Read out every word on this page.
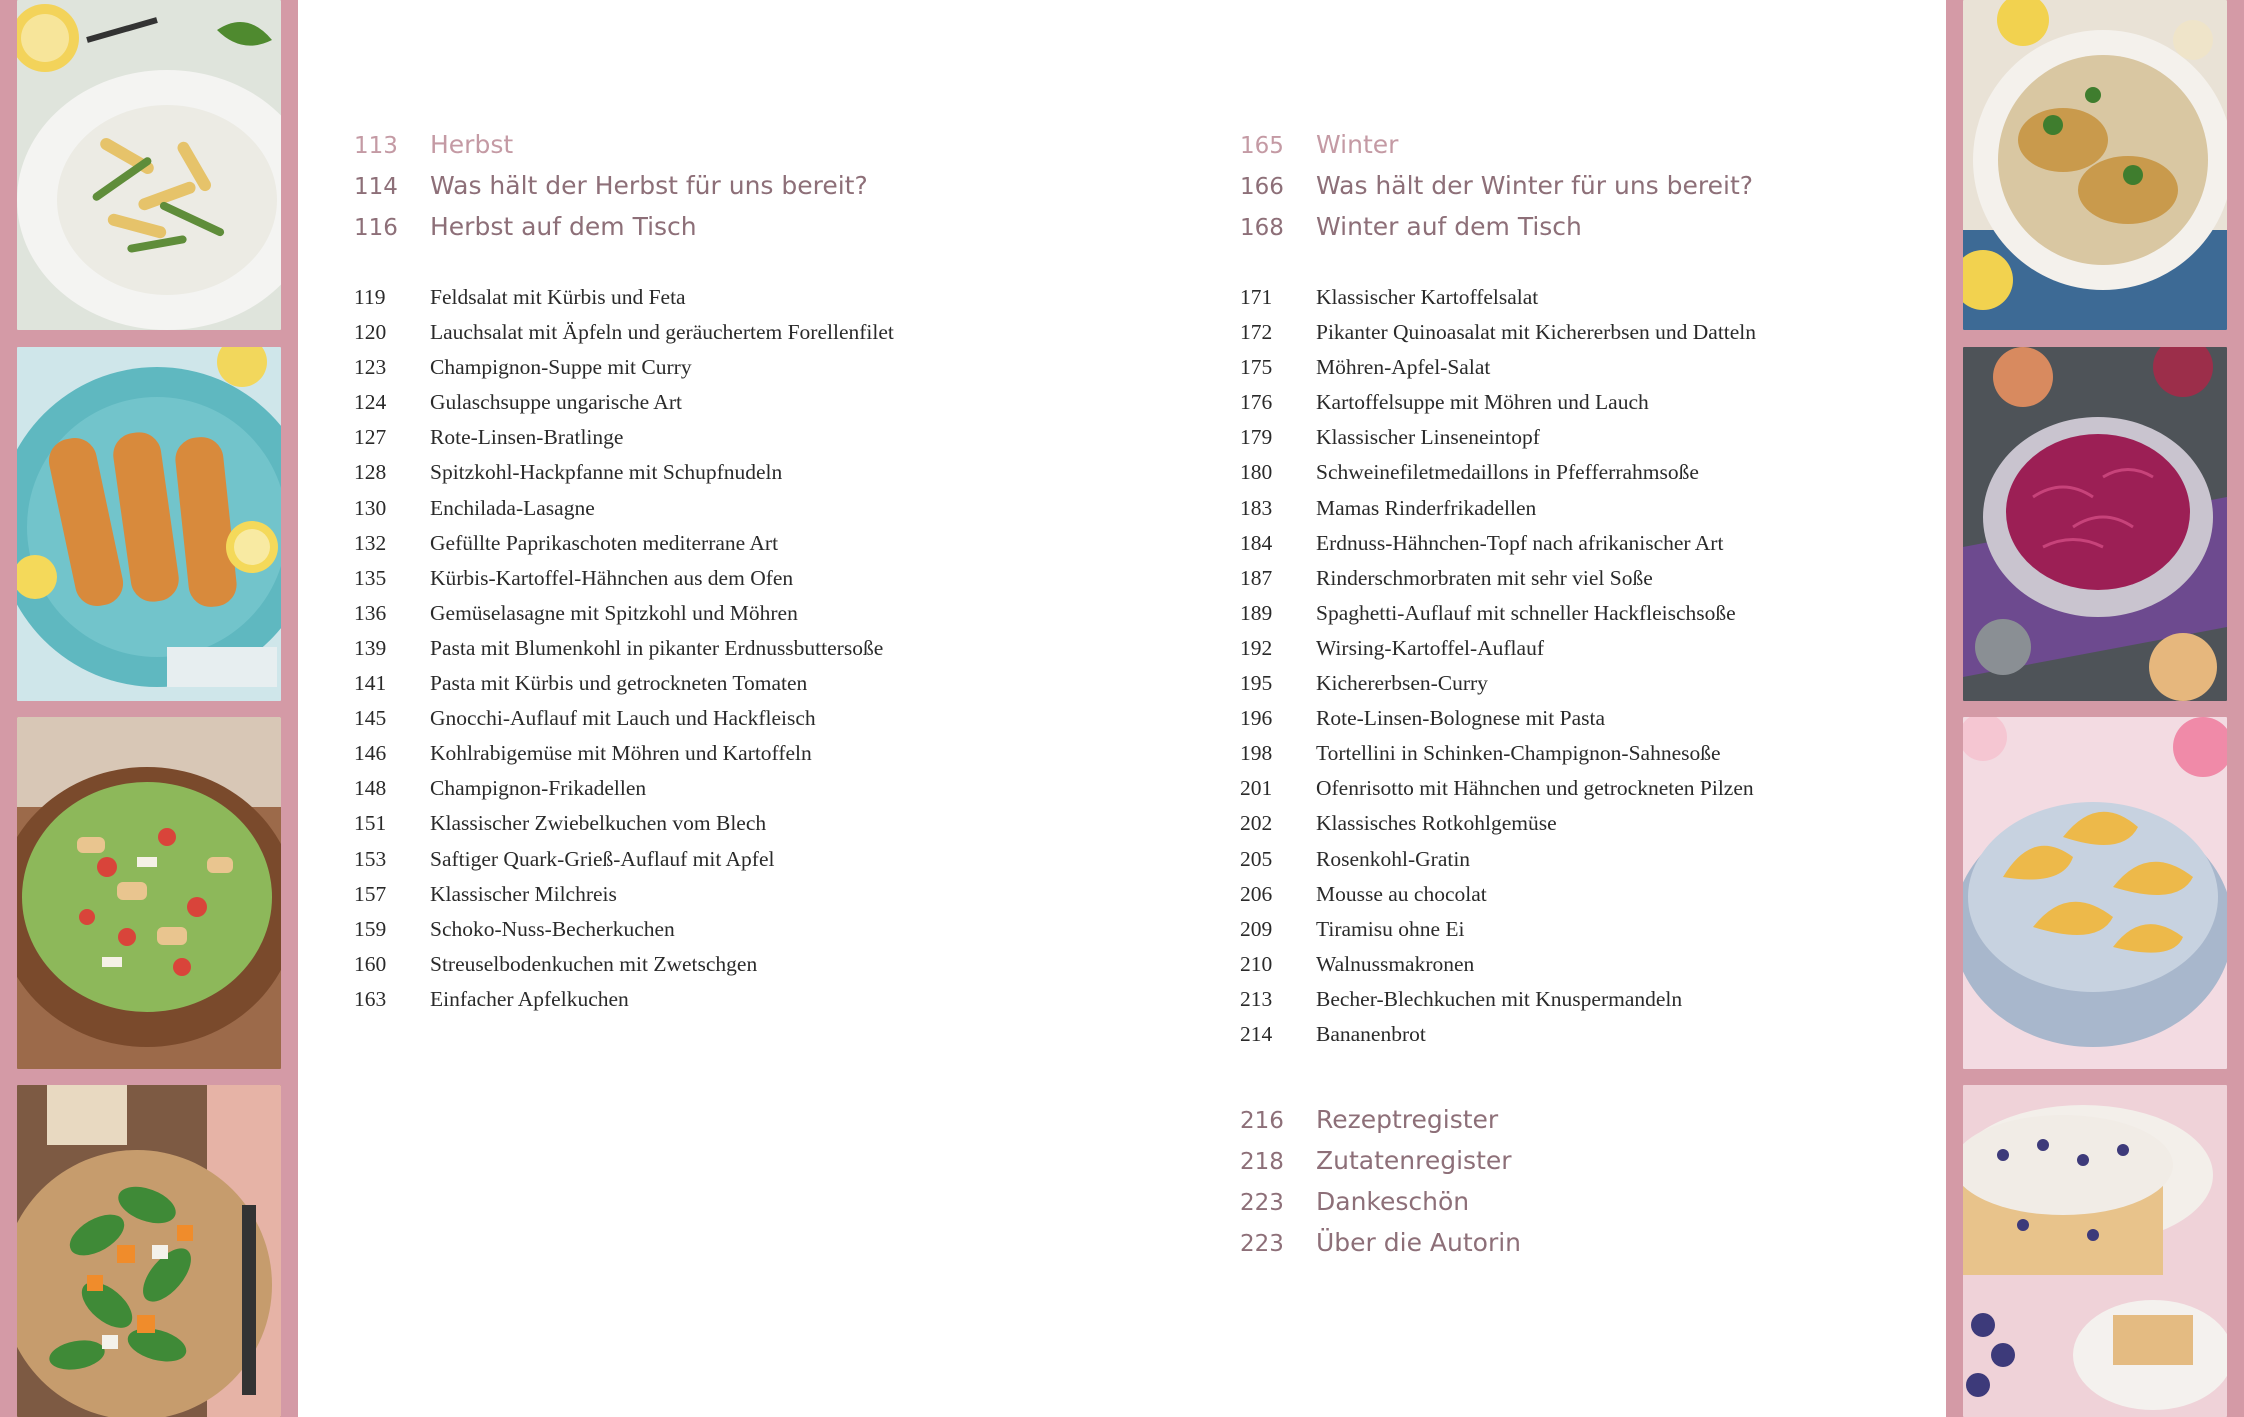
113	Herbst
114	Was hält der Herbst für uns bereit?
116	Herbst auf dem Tisch
119	Feldsalat mit Kürbis und Feta
120	Lauchsalat mit Äpfeln und geräuchertem Forellenfilet
123	Champignon-Suppe mit Curry
124	Gulaschsuppe ungarische Art
127	Rote-Linsen-Bratlinge
128	Spitzkohl-Hackpfanne mit Schupfnudeln
130	Enchilada-Lasagne
132	Gefüllte Paprikaschoten mediterrane Art
135	Kürbis-Kartoffel-Hähnchen aus dem Ofen
136	Gemüselasagne mit Spitzkohl und Möhren
139	Pasta mit Blumenkohl in pikanter Erdnussbuttersoße
141	Pasta mit Kürbis und getrockneten Tomaten
145	Gnocchi-Auflauf mit Lauch und Hackfleisch
146	Kohlrabigemüse mit Möhren und Kartoffeln
148	Champignon-Frikadellen
151	Klassischer Zwiebelkuchen vom Blech
153	Saftiger Quark-Grieß-Auflauf mit Apfel
157	Klassischer Milchreis
159	Schoko-Nuss-Becherkuchen
160	Streuselbodenkuchen mit Zwetschgen
163	Einfacher Apfelkuchen
165	Winter
166	Was hält der Winter für uns bereit?
168	Winter auf dem Tisch
171	Klassischer Kartoffelsalat
172	Pikanter Quinoasalat mit Kichererbsen und Datteln
175	Möhren-Apfel-Salat
176	Kartoffelsuppe mit Möhren und Lauch
179	Klassischer Linseneintopf
180	Schweinefiletmedaillons in Pfefferrahmsoße
183	Mamas Rinderfrikadellen
184	Erdnuss-Hähnchen-Topf nach afrikanischer Art
187	Rinderschmorbraten mit sehr viel Soße
189	Spaghetti-Auflauf mit schneller Hackfleischsoße
192	Wirsing-Kartoffel-Auflauf
195	Kichererbsen-Curry
196	Rote-Linsen-Bolognese mit Pasta
198	Tortellini in Schinken-Champignon-Sahnesoße
201	Ofenrisotto mit Hähnchen und getrockneten Pilzen
202	Klassisches Rotkohlgemüse
205	Rosenkohl-Gratin
206	Mousse au chocolat
209	Tiramisu ohne Ei
210	Walnussmakronen
213	Becher-Blechkuchen mit Knuspermandeln
214	Bananenbrot
216	Rezeptregister
218	Zutatenregister
223	Dankeschön
223	Über die Autorin
